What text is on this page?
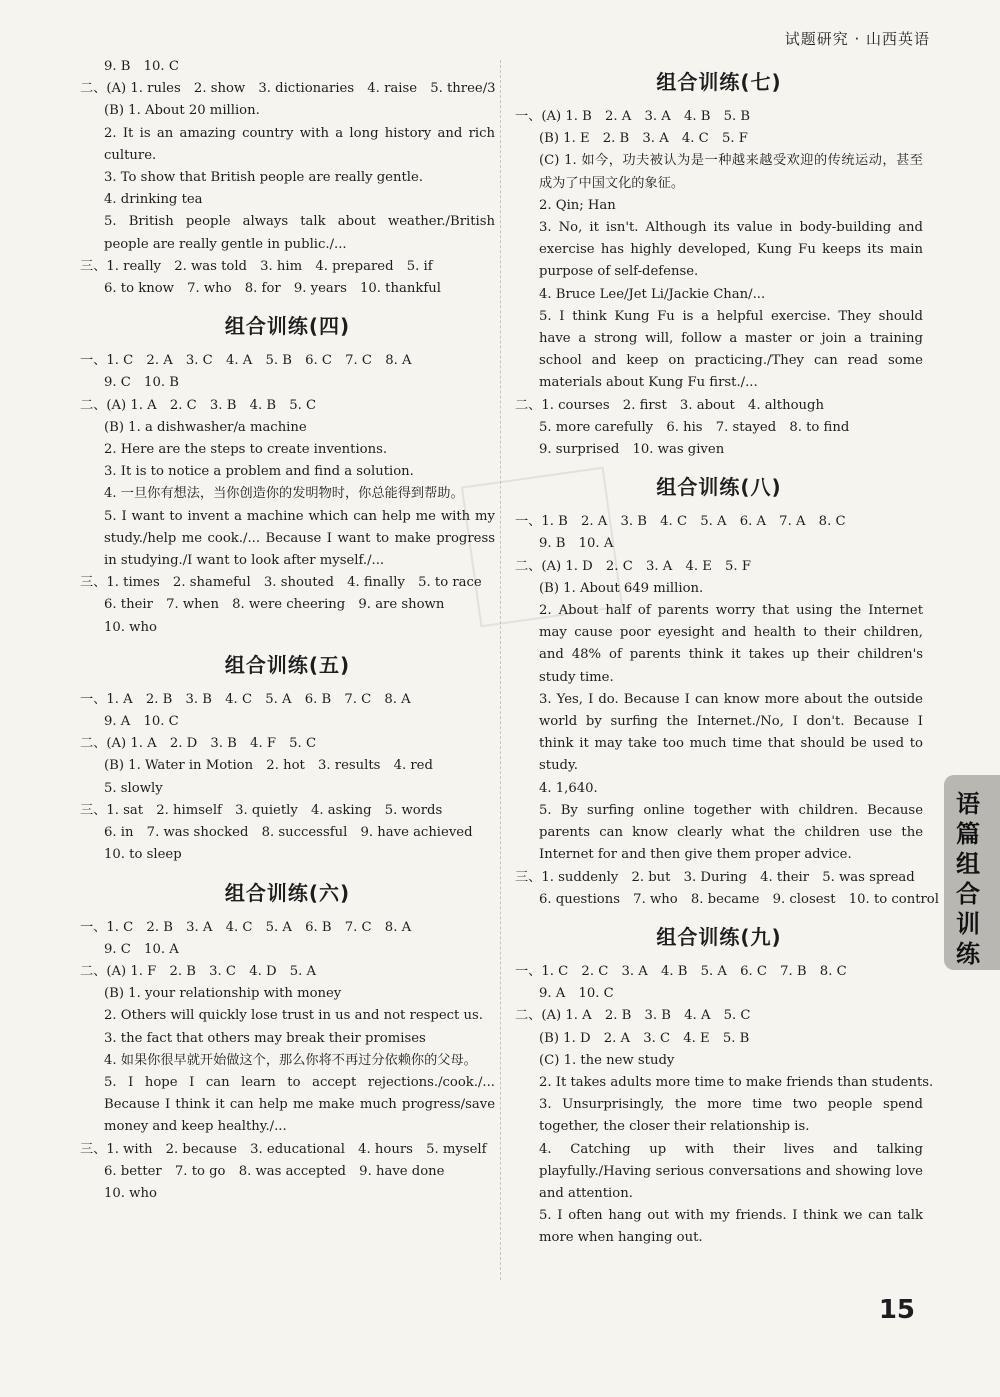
试题研究 · 山西英语
9. B　10. C
二、(A) 1. rules　2. show　3. dictionaries　4. raise　5. three/3
(B) 1. About 20 million.
2. It is an amazing country with a long history and rich culture.
3. To show that British people are really gentle.
4. drinking tea
5. British people always talk about weather./British people are really gentle in public./...
三、1. really　2. was told　3. him　4. prepared　5. if
6. to know　7. who　8. for　9. years　10. thankful
组合训练(四)
一、1. C　2. A　3. C　4. A　5. B　6. C　7. C　8. A
9. C　10. B
二、(A) 1. A　2. C　3. B　4. B　5. C
(B) 1. a dishwasher/a machine
2. Here are the steps to create inventions.
3. It is to notice a problem and find a solution.
4. 一旦你有想法，当你创造你的发明物时，你总能得到帮助。
5. I want to invent a machine which can help me with my study./help me cook./... Because I want to make progress in studying./I want to look after myself./...
三、1. times　2. shameful　3. shouted　4. finally　5. to race
6. their　7. when　8. were cheering　9. are shown
10. who
组合训练(五)
一、1. A　2. B　3. B　4. C　5. A　6. B　7. C　8. A
9. A　10. C
二、(A) 1. A　2. D　3. B　4. F　5. C
(B) 1. Water in Motion　2. hot　3. results　4. red
5. slowly
三、1. sat　2. himself　3. quietly　4. asking　5. words
6. in　7. was shocked　8. successful　9. have achieved
10. to sleep
组合训练(六)
一、1. C　2. B　3. A　4. C　5. A　6. B　7. C　8. A
9. C　10. A
二、(A) 1. F　2. B　3. C　4. D　5. A
(B) 1. your relationship with money
2. Others will quickly lose trust in us and not respect us.
3. the fact that others may break their promises
4. 如果你很早就开始做这个，那么你将不再过分依赖你的父母。
5. I hope I can learn to accept rejections./cook./... Because I think it can help me make much progress/save money and keep healthy./...
三、1. with　2. because　3. educational　4. hours　5. myself
6. better　7. to go　8. was accepted　9. have done
10. who
组合训练(七)
一、(A) 1. B　2. A　3. A　4. B　5. B
(B) 1. E　2. B　3. A　4. C　5. F
(C) 1. 如今，功夫被认为是一种越来越受欢迎的传统运动，甚至成为了中国文化的象征。
2. Qin; Han
3. No, it isn't. Although its value in body-building and exercise has highly developed, Kung Fu keeps its main purpose of self-defense.
4. Bruce Lee/Jet Li/Jackie Chan/...
5. I think Kung Fu is a helpful exercise. They should have a strong will, follow a master or join a training school and keep on practicing./They can read some materials about Kung Fu first./...
二、1. courses　2. first　3. about　4. although
5. more carefully　6. his　7. stayed　8. to find
9. surprised　10. was given
组合训练(八)
一、1. B　2. A　3. B　4. C　5. A　6. A　7. A　8. C
9. B　10. A
二、(A) 1. D　2. C　3. A　4. E　5. F
(B) 1. About 649 million.
2. About half of parents worry that using the Internet may cause poor eyesight and health to their children, and 48% of parents think it takes up their children's study time.
3. Yes, I do. Because I can know more about the outside world by surfing the Internet./No, I don't. Because I think it may take too much time that should be used to study.
4. 1,640.
5. By surfing online together with children. Because parents can know clearly what the children use the Internet for and then give them proper advice.
三、1. suddenly　2. but　3. During　4. their　5. was spread
6. questions　7. who　8. became　9. closest　10. to control
组合训练(九)
一、1. C　2. C　3. A　4. B　5. A　6. C　7. B　8. C
9. A　10. C
二、(A) 1. A　2. B　3. B　4. A　5. C
(B) 1. D　2. A　3. C　4. E　5. B
(C) 1. the new study
2. It takes adults more time to make friends than students.
3. Unsurprisingly, the more time two people spend together, the closer their relationship is.
4. Catching up with their lives and talking playfully./Having serious conversations and showing love and attention.
5. I often hang out with my friends. I think we can talk more when hanging out.
语篇组合训练
15
